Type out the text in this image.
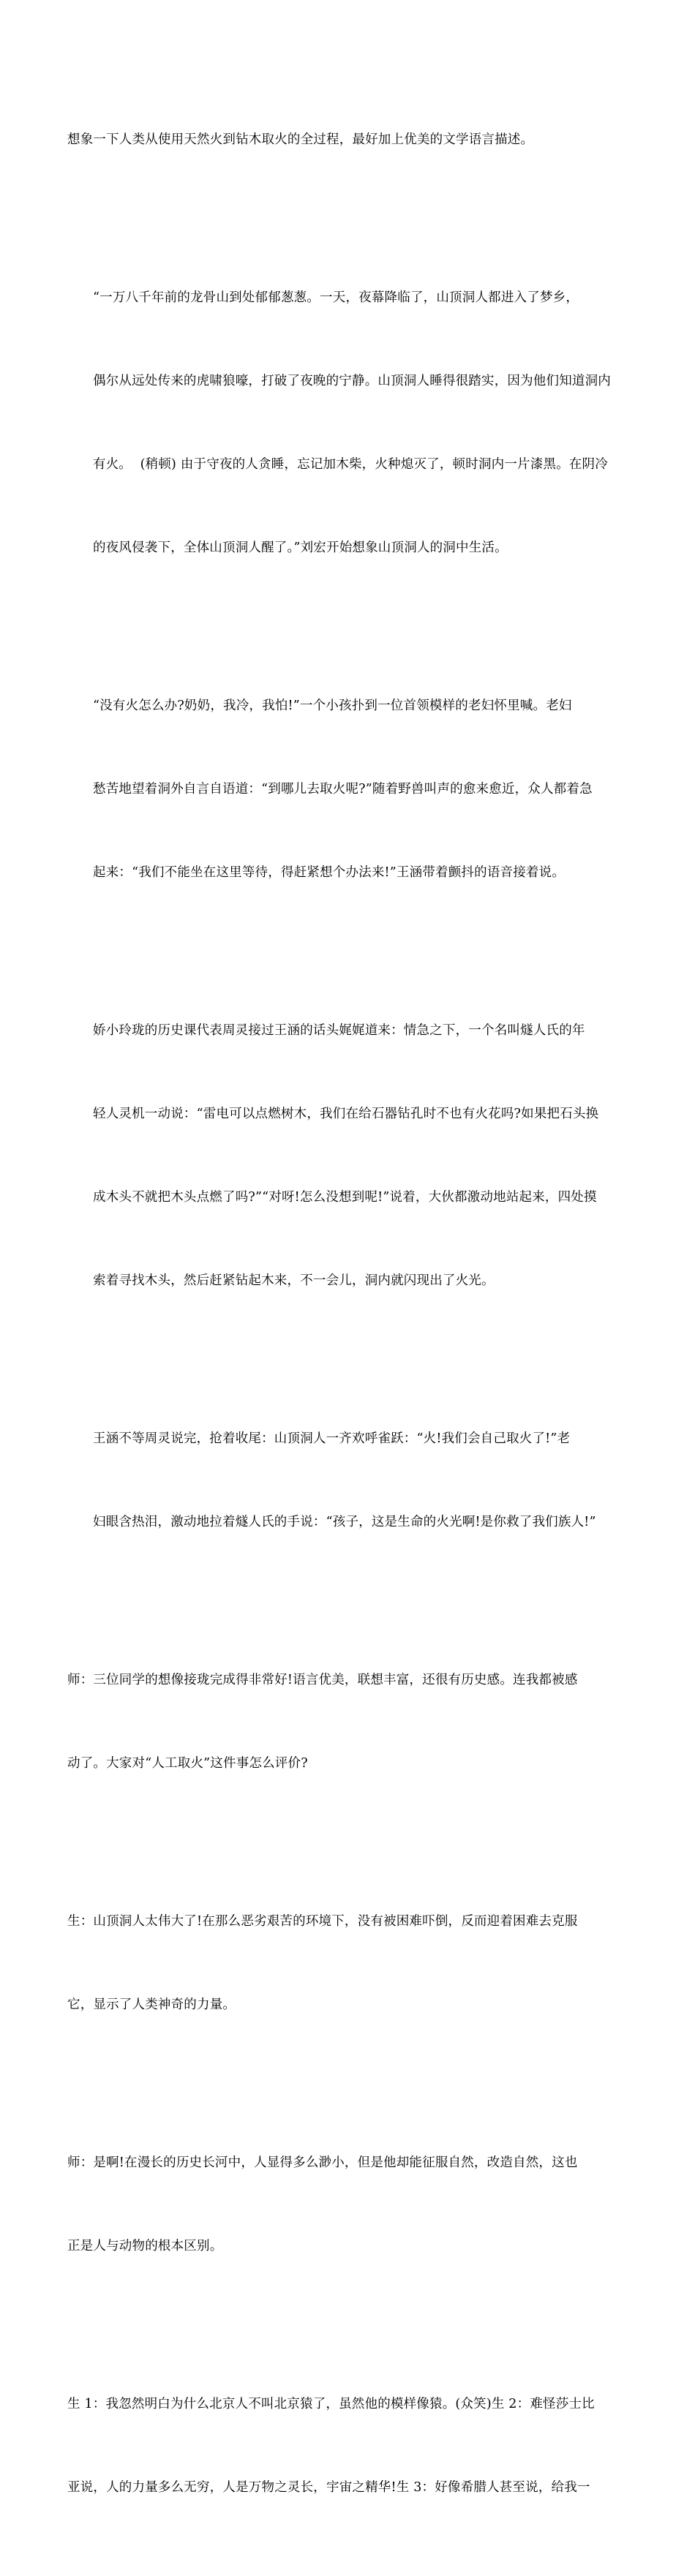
想象一下人类从使用天然火到钻木取火的全过程，最好加上优美的文学语言描述。

“一万八千年前的龙骨山到处郁郁葱葱。一天，夜幕降临了，山顶洞人都进入了梦乡，

偶尔从远处传来的虎啸狼嚎，打破了夜晚的宁静。山顶洞人睡得很踏实，因为他们知道洞内

有火。  (稍顿) 由于守夜的人贪睡，忘记加木柴，火种熄灭了，顿时洞内一片漆黑。在阴冷

的夜风侵袭下，全体山顶洞人醒了。”刘宏开始想象山顶洞人的洞中生活。

“没有火怎么办?奶奶，我冷，我怕!”一个小孩扑到一位首领模样的老妇怀里喊。老妇

愁苦地望着洞外自言自语道：“到哪儿去取火呢?”随着野兽叫声的愈来愈近，众人都着急

起来：“我们不能坐在这里等待，得赶紧想个办法来!”王涵带着颤抖的语音接着说。

娇小玲珑的历史课代表周灵接过王涵的话头娓娓道来：情急之下，一个名叫燧人氏的年

轻人灵机一动说：“雷电可以点燃树木，我们在给石器钻孔时不也有火花吗?如果把石头换

成木头不就把木头点燃了吗?”“对呀!怎么没想到呢!”说着，大伙都激动地站起来，四处摸

索着寻找木头，然后赶紧钻起木来，不一会儿，洞内就闪现出了火光。

王涵不等周灵说完，抢着收尾：山顶洞人一齐欢呼雀跃：“火!我们会自己取火了!”老

妇眼含热泪，激动地拉着燧人氏的手说：“孩子，这是生命的火光啊!是你救了我们族人!”

师：三位同学的想像接珑完成得非常好!语言优美，联想丰富，还很有历史感。连我都被感

动了。大家对“人工取火”这件事怎么评价?

生：山顶洞人太伟大了!在那么恶劣艰苦的环境下，没有被困难吓倒，反而迎着困难去克服

它，显示了人类神奇的力量。

师：是啊!在漫长的历史长河中，人显得多么渺小，但是他却能征服自然，改造自然，这也

正是人与动物的根本区别。

生 1：我忽然明白为什么北京人不叫北京猿了，虽然他的模样像猿。(众笑)生 2：难怪莎士比

亚说，人的力量多么无穷，人是万物之灵长，宇宙之精华!生 3：好像希腊人甚至说，给我一
